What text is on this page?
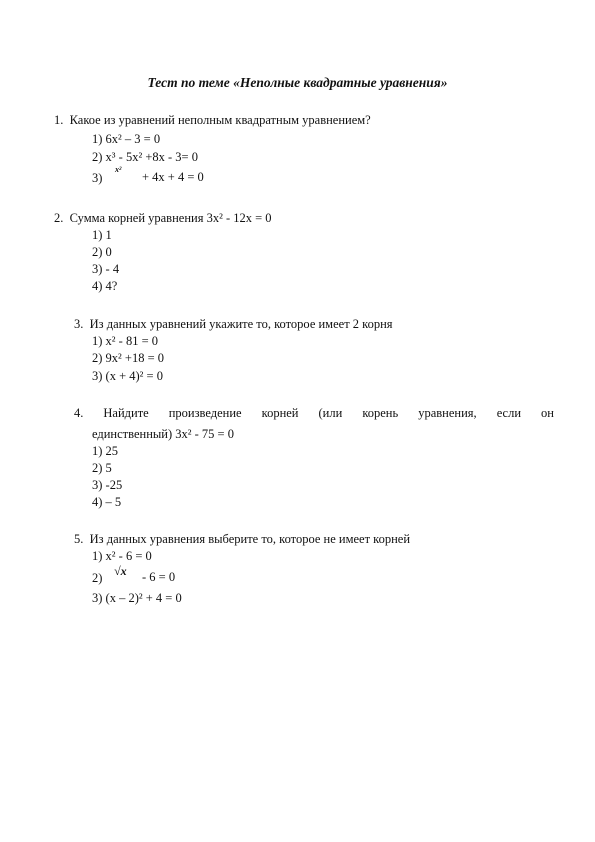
Тест по теме «Неполные квадратные уравнения»
1. Какое из уравнений неполным квадратным уравнением?
1) 6x² – 3 = 0
2) x³ - 5x² +8x - 3= 0
3)
x²
+ 4x + 4 = 0
2. Сумма корней уравнения 3x² - 12x = 0
1) 1
2) 0
3) - 4
4) 4?
3. Из данных уравнений укажите то, которое имеет 2 корня
1) x² - 81 = 0
2) 9x² +18 = 0
3) (x + 4)² = 0
4. Найдите произведение корней (или корень уравнения, если он
единственный) 3x² - 75 = 0
1) 25
2) 5
3) -25
4) – 5
5. Из данных уравнения выберите то, которое не имеет корней
1) x² - 6 = 0
2) √x - 6 = 0
3) (x – 2)² + 4 = 0
